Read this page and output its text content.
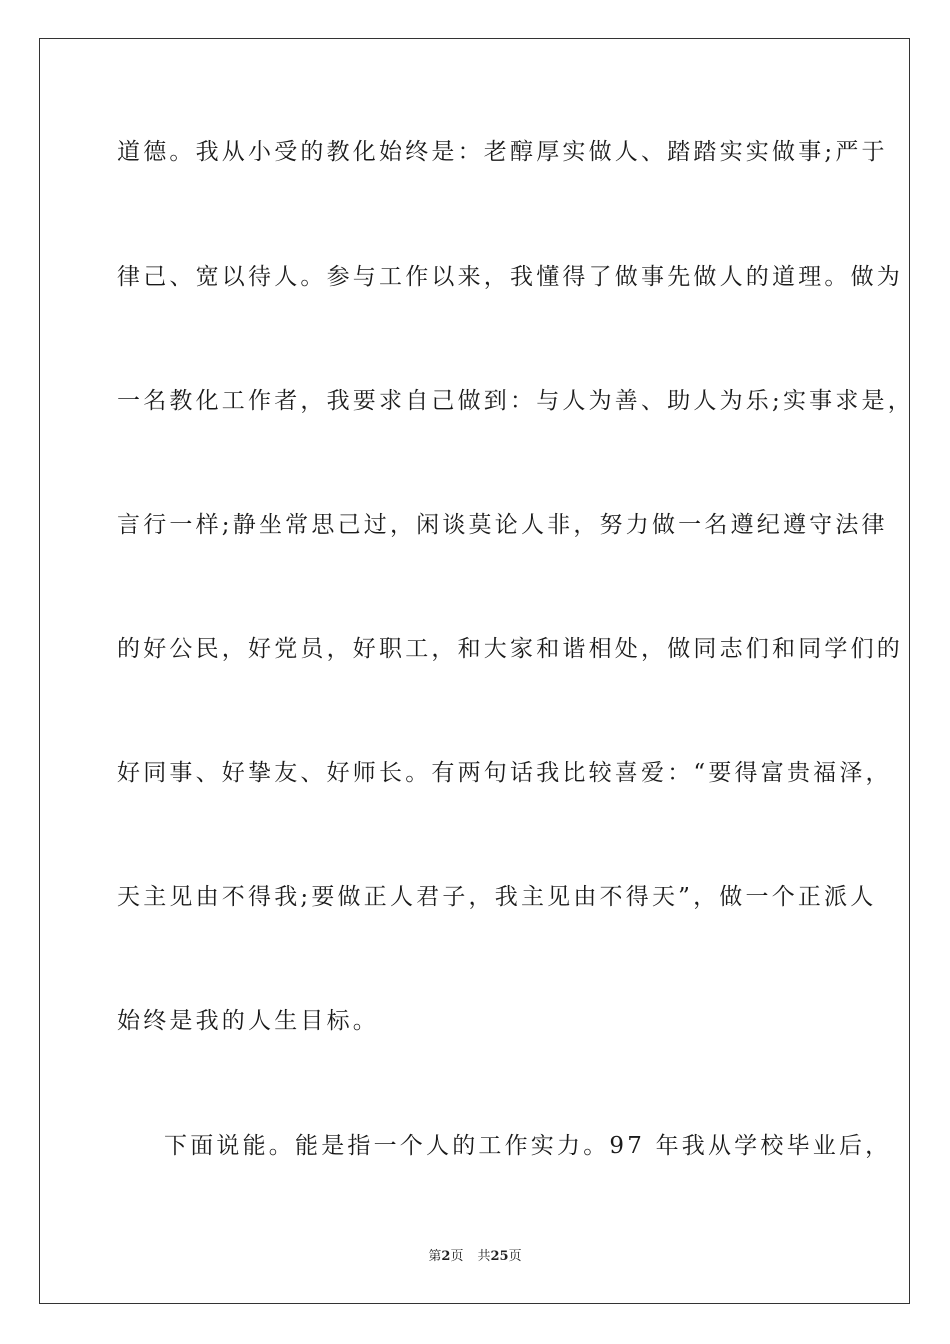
道德。我从小受的教化始终是：老醇厚实做人、踏踏实实做事;严于
律己、宽以待人。参与工作以来，我懂得了做事先做人的道理。做为
一名教化工作者，我要求自己做到：与人为善、助人为乐;实事求是，
言行一样;静坐常思己过，闲谈莫论人非，努力做一名遵纪遵守法律
的好公民，好党员，好职工，和大家和谐相处，做同志们和同学们的
好同事、好挚友、好师长。有两句话我比较喜爱：“要得富贵福泽，
天主见由不得我;要做正人君子，我主见由不得天”，做一个正派人
始终是我的人生目标。
下面说能。能是指一个人的工作实力。97 年我从学校毕业后，
第2页 共25页
